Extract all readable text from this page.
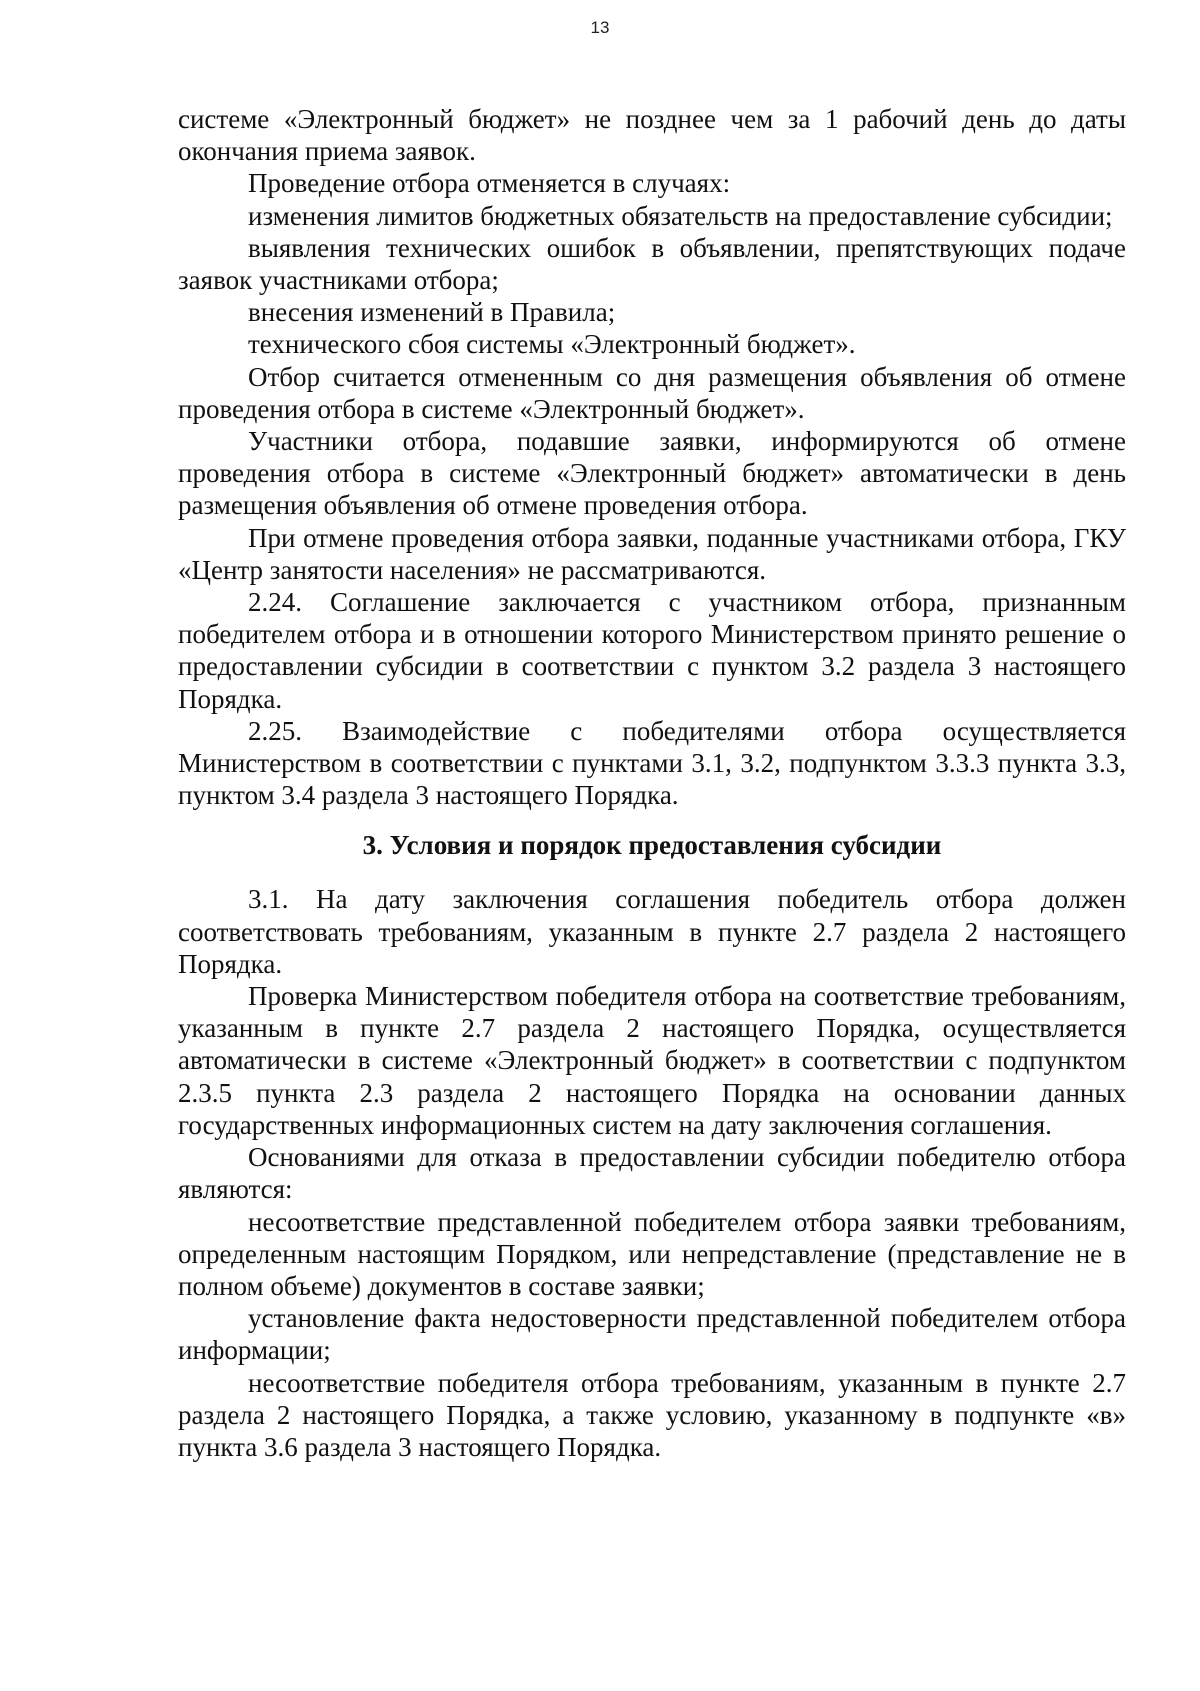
13

системе «Электронный бюджет» не позднее чем за 1 рабочий день до даты окончания приема заявок.

Проведение отбора отменяется в случаях:

изменения лимитов бюджетных обязательств на предоставление субсидии;

выявления технических ошибок в объявлении, препятствующих подаче заявок участниками отбора;

внесения изменений в Правила;

технического сбоя системы «Электронный бюджет».

Отбор считается отмененным со дня размещения объявления об отмене проведения отбора в системе «Электронный бюджет».

Участники отбора, подавшие заявки, информируются об отмене проведения отбора в системе «Электронный бюджет» автоматически в день размещения объявления об отмене проведения отбора.

При отмене проведения отбора заявки, поданные участниками отбора, ГКУ «Центр занятости населения» не рассматриваются.

2.24. Соглашение заключается с участником отбора, признанным победителем отбора и в отношении которого Министерством принято решение о предоставлении субсидии в соответствии с пунктом 3.2 раздела 3 настоящего Порядка.

2.25. Взаимодействие с победителями отбора осуществляется Министерством в соответствии с пунктами 3.1, 3.2, подпунктом 3.3.3 пункта 3.3, пунктом 3.4 раздела 3 настоящего Порядка.

3. Условия и порядок предоставления субсидии

3.1. На дату заключения соглашения победитель отбора должен соответствовать требованиям, указанным в пункте 2.7 раздела 2 настоящего Порядка.

Проверка Министерством победителя отбора на соответствие требованиям, указанным в пункте 2.7 раздела 2 настоящего Порядка, осуществляется автоматически в системе «Электронный бюджет» в соответствии с подпунктом 2.3.5 пункта 2.3 раздела 2 настоящего Порядка на основании данных государственных информационных систем на дату заключения соглашения.

Основаниями для отказа в предоставлении субсидии победителю отбора являются:

несоответствие представленной победителем отбора заявки требованиям, определенным настоящим Порядком, или непредставление (представление не в полном объеме) документов в составе заявки;

установление факта недостоверности представленной победителем отбора информации;

несоответствие победителя отбора требованиям, указанным в пункте 2.7 раздела 2 настоящего Порядка, а также условию, указанному в подпункте «в» пункта 3.6 раздела 3 настоящего Порядка.
